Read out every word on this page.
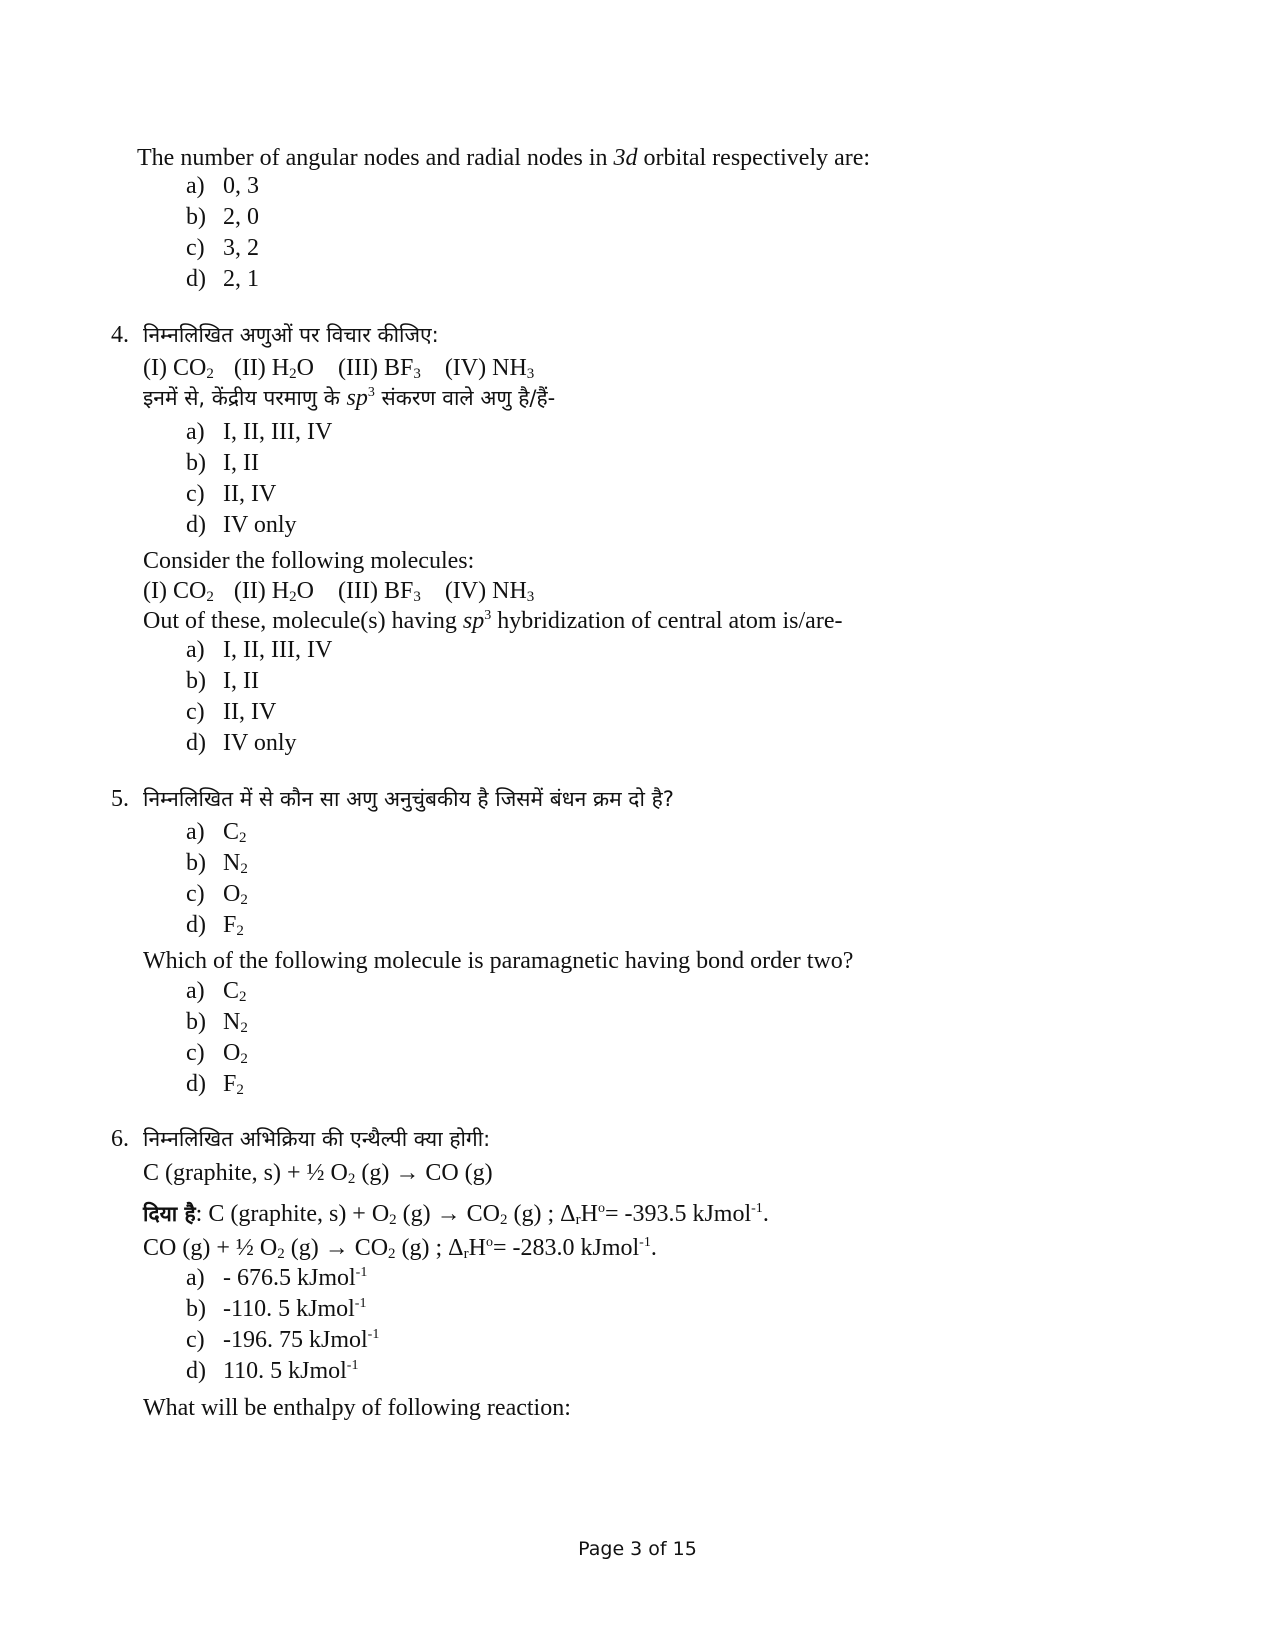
The number of angular nodes and radial nodes in 3d orbital respectively are:
a) 0, 3
b) 2, 0
c) 3, 2
d) 2, 1
4. निम्नलिखित अणुओं पर विचार कीजिए:
(I) $CO_2$ (II) $H_2O$ (III) $BF_3$ (IV) $NH_3$
इनमें से, केंद्रीय परमाणु के $sp^3$ संकरण वाले अणु है/हैं-
a) I, II, III, IV
b) I, II
c) II, IV
d) IV only
Consider the following molecules:
(I) $CO_2$ (II) $H_2O$ (III) $BF_3$ (IV) $NH_3$
Out of these, molecule(s) having $sp^3$ hybridization of central atom is/are-
a) I, II, III, IV
b) I, II
c) II, IV
d) IV only
5. निम्नलिखित में से कौन सा अणु अनुचुंबकीय है जिसमें बंधन क्रम दो है?
a) $C_2$
b) $N_2$
c) $O_2$
d) $F_2$
Which of the following molecule is paramagnetic having bond order two?
a) $C_2$
b) $N_2$
c) $O_2$
d) $F_2$
6. निम्नलिखित अभिक्रिया की एन्थैल्पी क्या होगी:
C (graphite, s) + ½ $O_2$ (g) → CO (g)
दिया है: C (graphite, $s) + O_2$ $(g) \to CO_2$ (g) ; $\Delta_rH^o= -393.5$ kJmol$^{-1}$.
CO (g) + ½ $O_2$ $(g) \to CO_2$ (g) ; $\Delta_rH^o= -283.0$ kJmol$^{-1}$.
a) - 676.5 kJmol$^{-1}$
b) -110. 5 kJmol$^{-1}$
c) -196. 75 kJmol$^{-1}$
d) 110. 5 kJmol$^{-1}$
What will be enthalpy of following reaction:
Page 3 of 15
